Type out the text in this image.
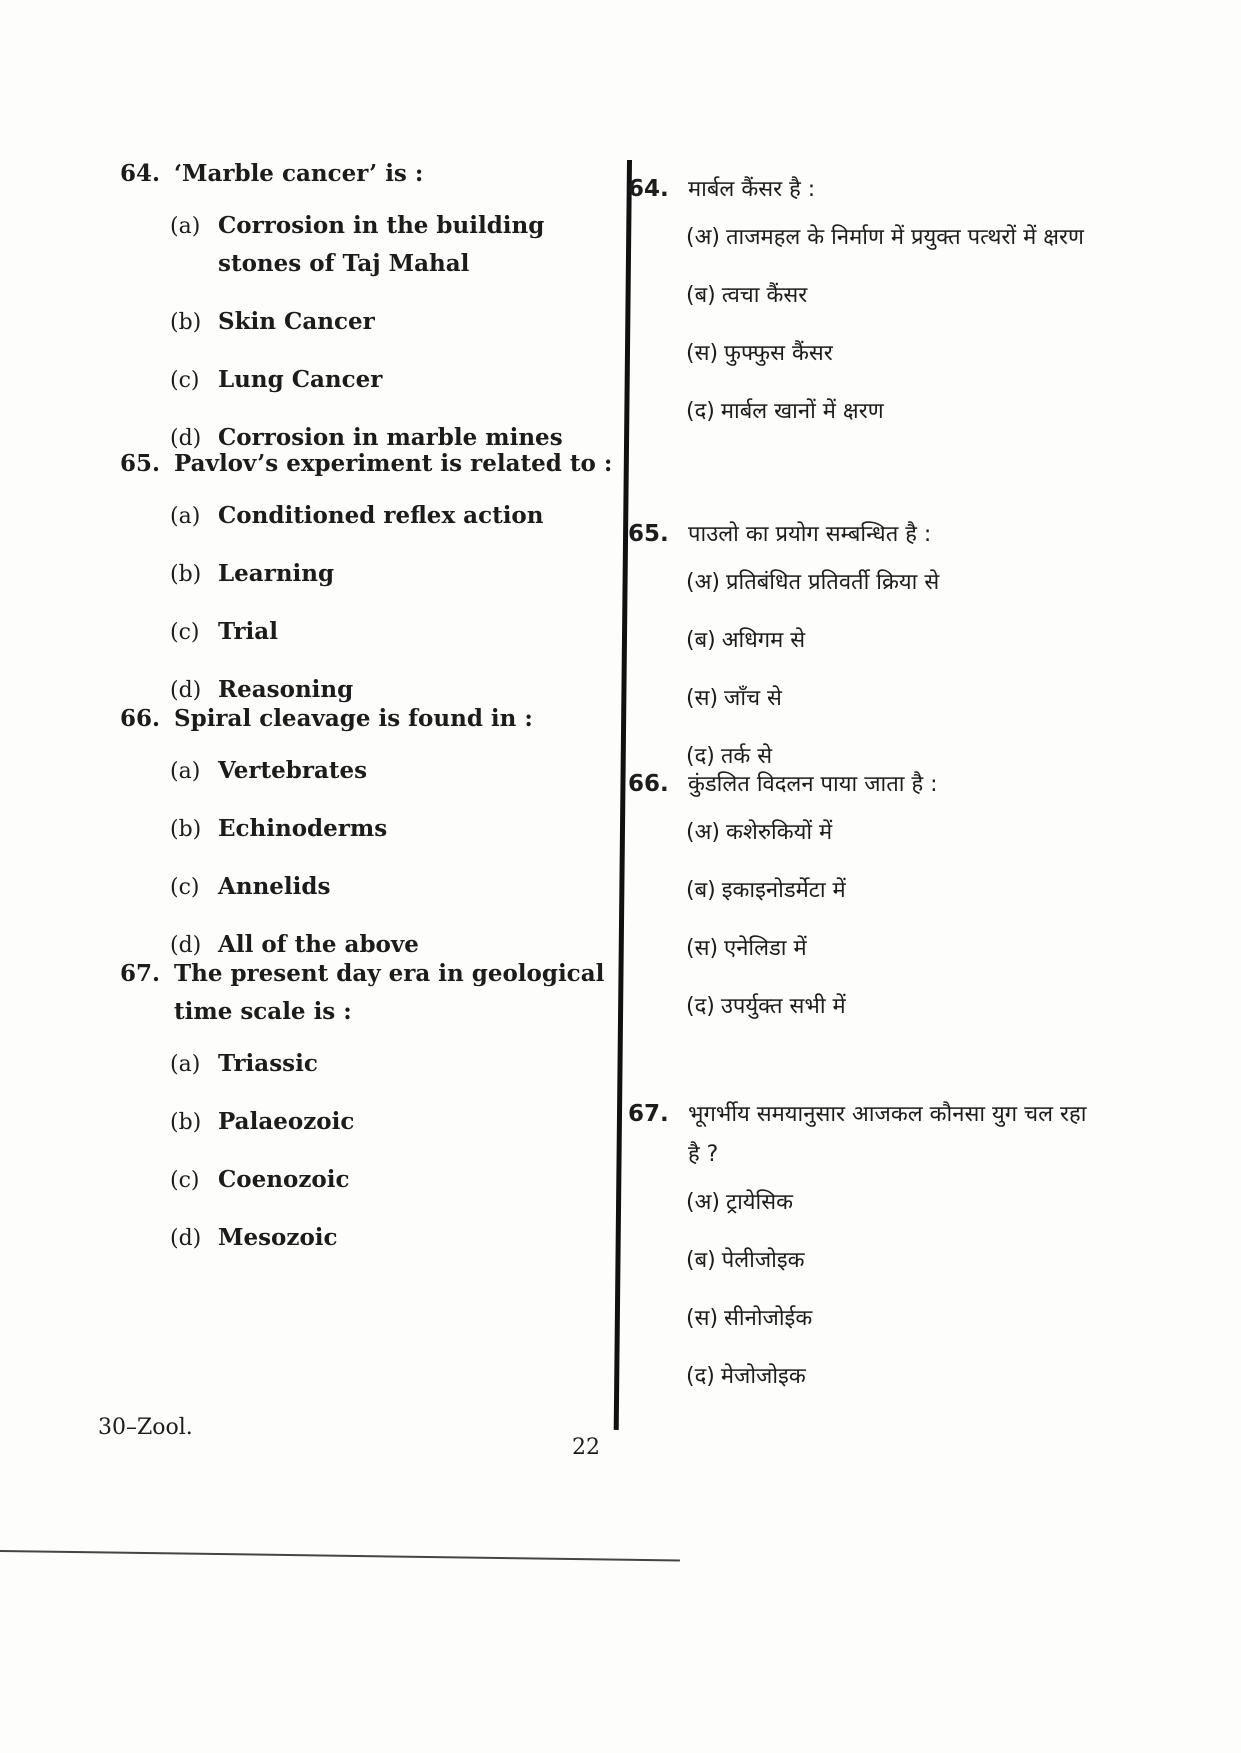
64. ‘Marble cancer’ is :
(a) Corrosion in the building stones of Taj Mahal
(b) Skin Cancer
(c) Lung Cancer
(d) Corrosion in marble mines
65. Pavlov’s experiment is related to :
(a) Conditioned reflex action
(b) Learning
(c) Trial
(d) Reasoning
66. Spiral cleavage is found in :
(a) Vertebrates
(b) Echinoderms
(c) Annelids
(d) All of the above
67. The present day era in geological time scale is :
(a) Triassic
(b) Palaeozoic
(c) Coenozoic
(d) Mesozoic
64. मार्बल कैंसर है :
(अ) ताजमहल के निर्माण में प्रयुक्त पत्थरों में क्षरण
(ब) त्वचा कैंसर
(स) फुफ्फुस कैंसर
(द) मार्बल खानों में क्षरण
65. पाउलो का प्रयोग सम्बन्धित है :
(अ) प्रतिबंधित प्रतिवर्ती क्रिया से
(ब) अधिगम से
(स) जाँच से
(द) तर्क से
66. कुंडलित विदलन पाया जाता है :
(अ) कशेरुकियों में
(ब) इकाइनोडर्मेटा में
(स) एनेलिडा में
(द) उपर्युक्त सभी में
67. भूगर्भीय समयानुसार आजकल कौनसा युग चल रहा है ?
(अ) ट्रायेसिक
(ब) पेलीजोइक
(स) सीनोजोईक
(द) मेजोजोइक
30–Zool.
22
